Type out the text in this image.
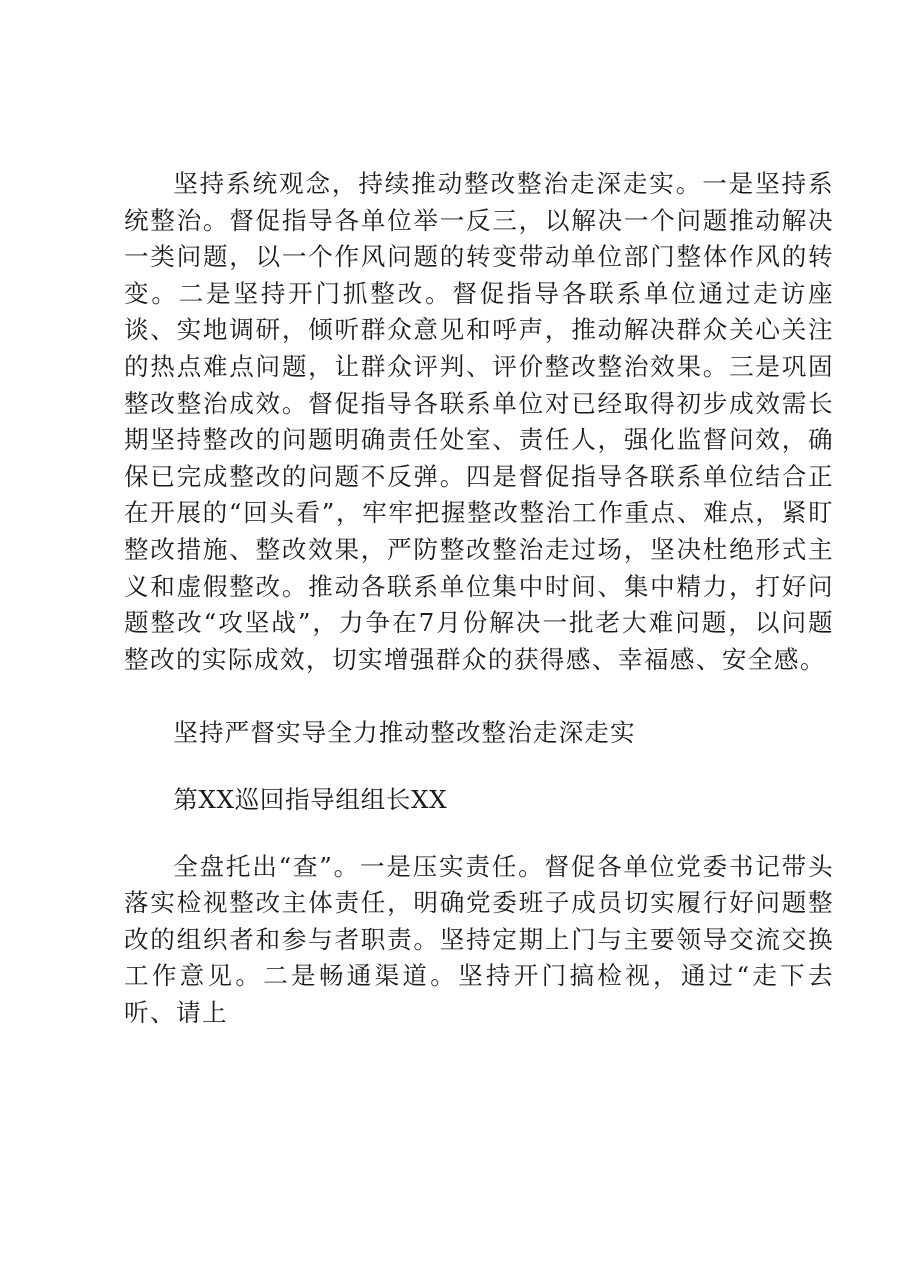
坚持系统观念，持续推动整改整治走深走实。一是坚持系统整治。督促指导各单位举一反三，以解决一个问题推动解决一类问题，以一个作风问题的转变带动单位部门整体作风的转变。二是坚持开门抓整改。督促指导各联系单位通过走访座谈、实地调研，倾听群众意见和呼声，推动解决群众关心关注的热点难点问题，让群众评判、评价整改整治效果。三是巩固整改整治成效。督促指导各联系单位对已经取得初步成效需长期坚持整改的问题明确责任处室、责任人，强化监督问效，确保已完成整改的问题不反弹。四是督促指导各联系单位结合正在开展的“回头看”，牢牢把握整改整治工作重点、难点，紧盯整改措施、整改效果，严防整改整治走过场，坚决杜绝形式主义和虚假整改。推动各联系单位集中时间、集中精力，打好问题整改“攻坚战”，力争在7月份解决一批老大难问题，以问题整改的实际成效，切实增强群众的获得感、幸福感、安全感。

坚持严督实导全力推动整改整治走深走实

第XX巡回指导组组长XX

全盘托出“查”。一是压实责任。督促各单位党委书记带头落实检视整改主体责任，明确党委班子成员切实履行好问题整改的组织者和参与者职责。坚持定期上门与主要领导交流交换工作意见。二是畅通渠道。坚持开门搞检视，通过“走下去听、请上
